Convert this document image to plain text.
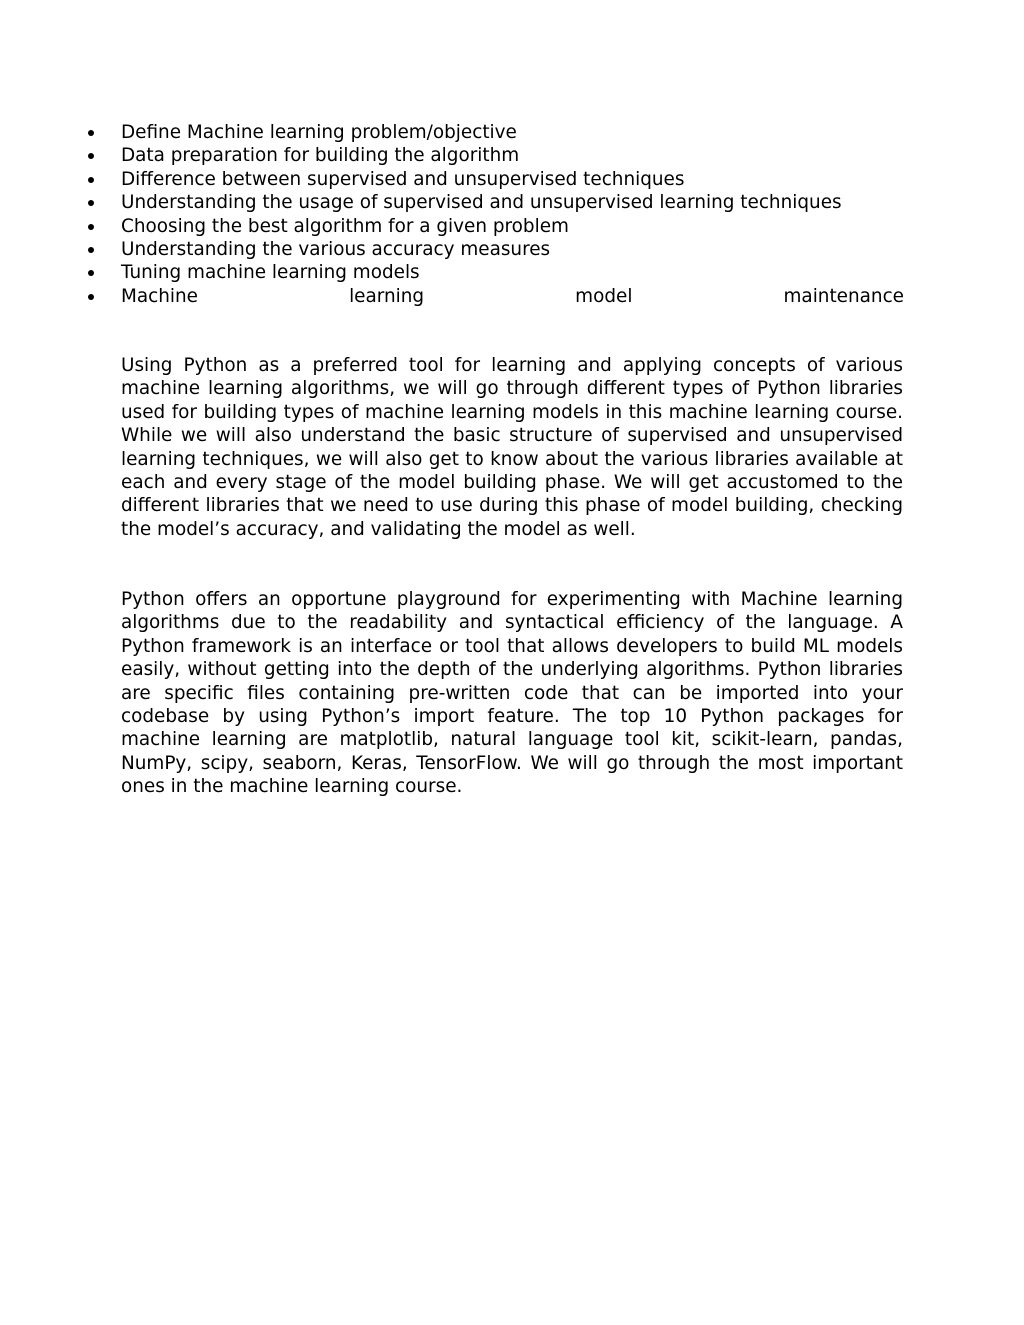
Define Machine learning problem/objective
Data preparation for building the algorithm
Difference between supervised and unsupervised techniques
Understanding the usage of supervised and unsupervised learning techniques
Choosing the best algorithm for a given problem
Understanding the various accuracy measures
Tuning machine learning models
Machine	learning	model	maintenance

Using Python as a preferred tool for learning and applying concepts of various machine learning algorithms, we will go through different types of Python libraries used for building types of machine learning models in this machine learning course. While we will also understand the basic structure of supervised and unsupervised learning techniques, we will also get to know about the various libraries available at each and every stage of the model building phase. We will get accustomed to the different libraries that we need to use during this phase of model building, checking the model’s accuracy, and validating the model as well.

Python offers an opportune playground for experimenting with Machine learning algorithms due to the readability and syntactical efficiency of the language. A Python framework is an interface or tool that allows developers to build ML models easily, without getting into the depth of the underlying algorithms. Python libraries are specific files containing pre-written code that can be imported into your codebase by using Python’s import feature. The top 10 Python packages for machine learning are matplotlib, natural language tool kit, scikit-learn, pandas, NumPy, scipy, seaborn, Keras, TensorFlow. We will go through the most important ones in the machine learning course.
